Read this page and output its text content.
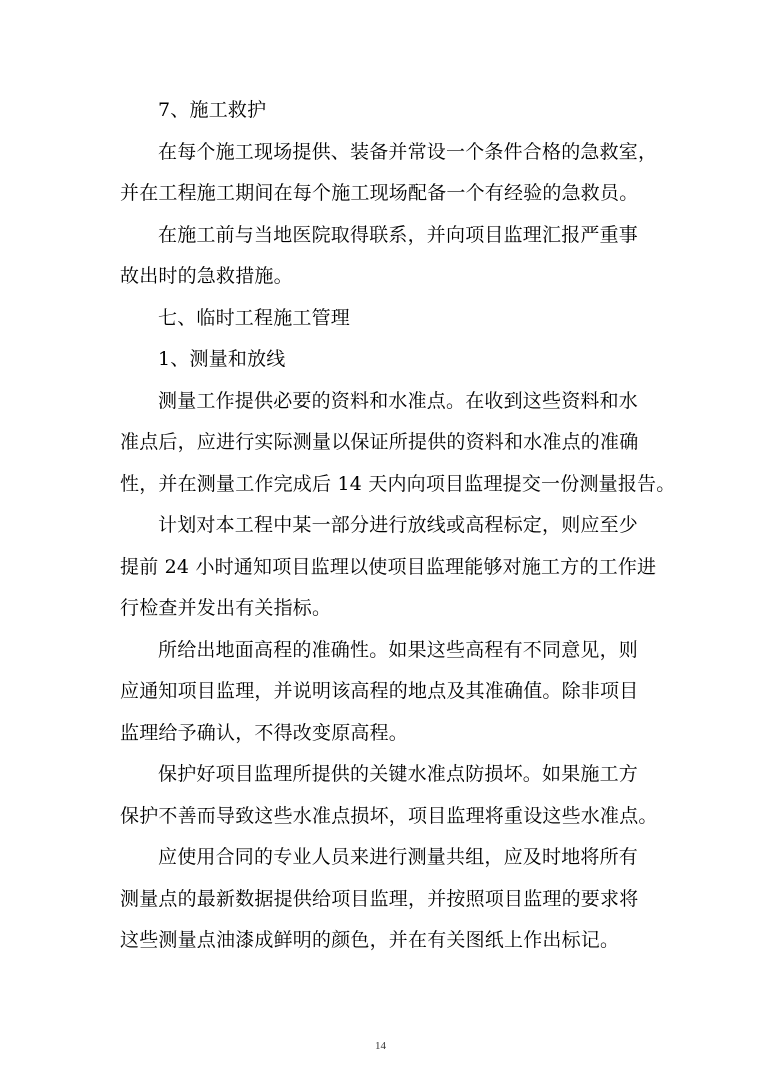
7、施工救护
在每个施工现场提供、装备并常设一个条件合格的急救室，
并在工程施工期间在每个施工现场配备一个有经验的急救员。
在施工前与当地医院取得联系，并向项目监理汇报严重事
故出时的急救措施。
七、临时工程施工管理
1、测量和放线
测量工作提供必要的资料和水准点。在收到这些资料和水
准点后，应进行实际测量以保证所提供的资料和水准点的准确
性，并在测量工作完成后 14 天内向项目监理提交一份测量报告。
计划对本工程中某一部分进行放线或高程标定，则应至少
提前 24 小时通知项目监理以使项目监理能够对施工方的工作进
行检查并发出有关指标。
所给出地面高程的准确性。如果这些高程有不同意见，则
应通知项目监理，并说明该高程的地点及其准确值。除非项目
监理给予确认，不得改变原高程。
保护好项目监理所提供的关键水准点防损坏。如果施工方
保护不善而导致这些水准点损坏，项目监理将重设这些水准点。
应使用合同的专业人员来进行测量共组，应及时地将所有
测量点的最新数据提供给项目监理，并按照项目监理的要求将
这些测量点油漆成鲜明的颜色，并在有关图纸上作出标记。
14
